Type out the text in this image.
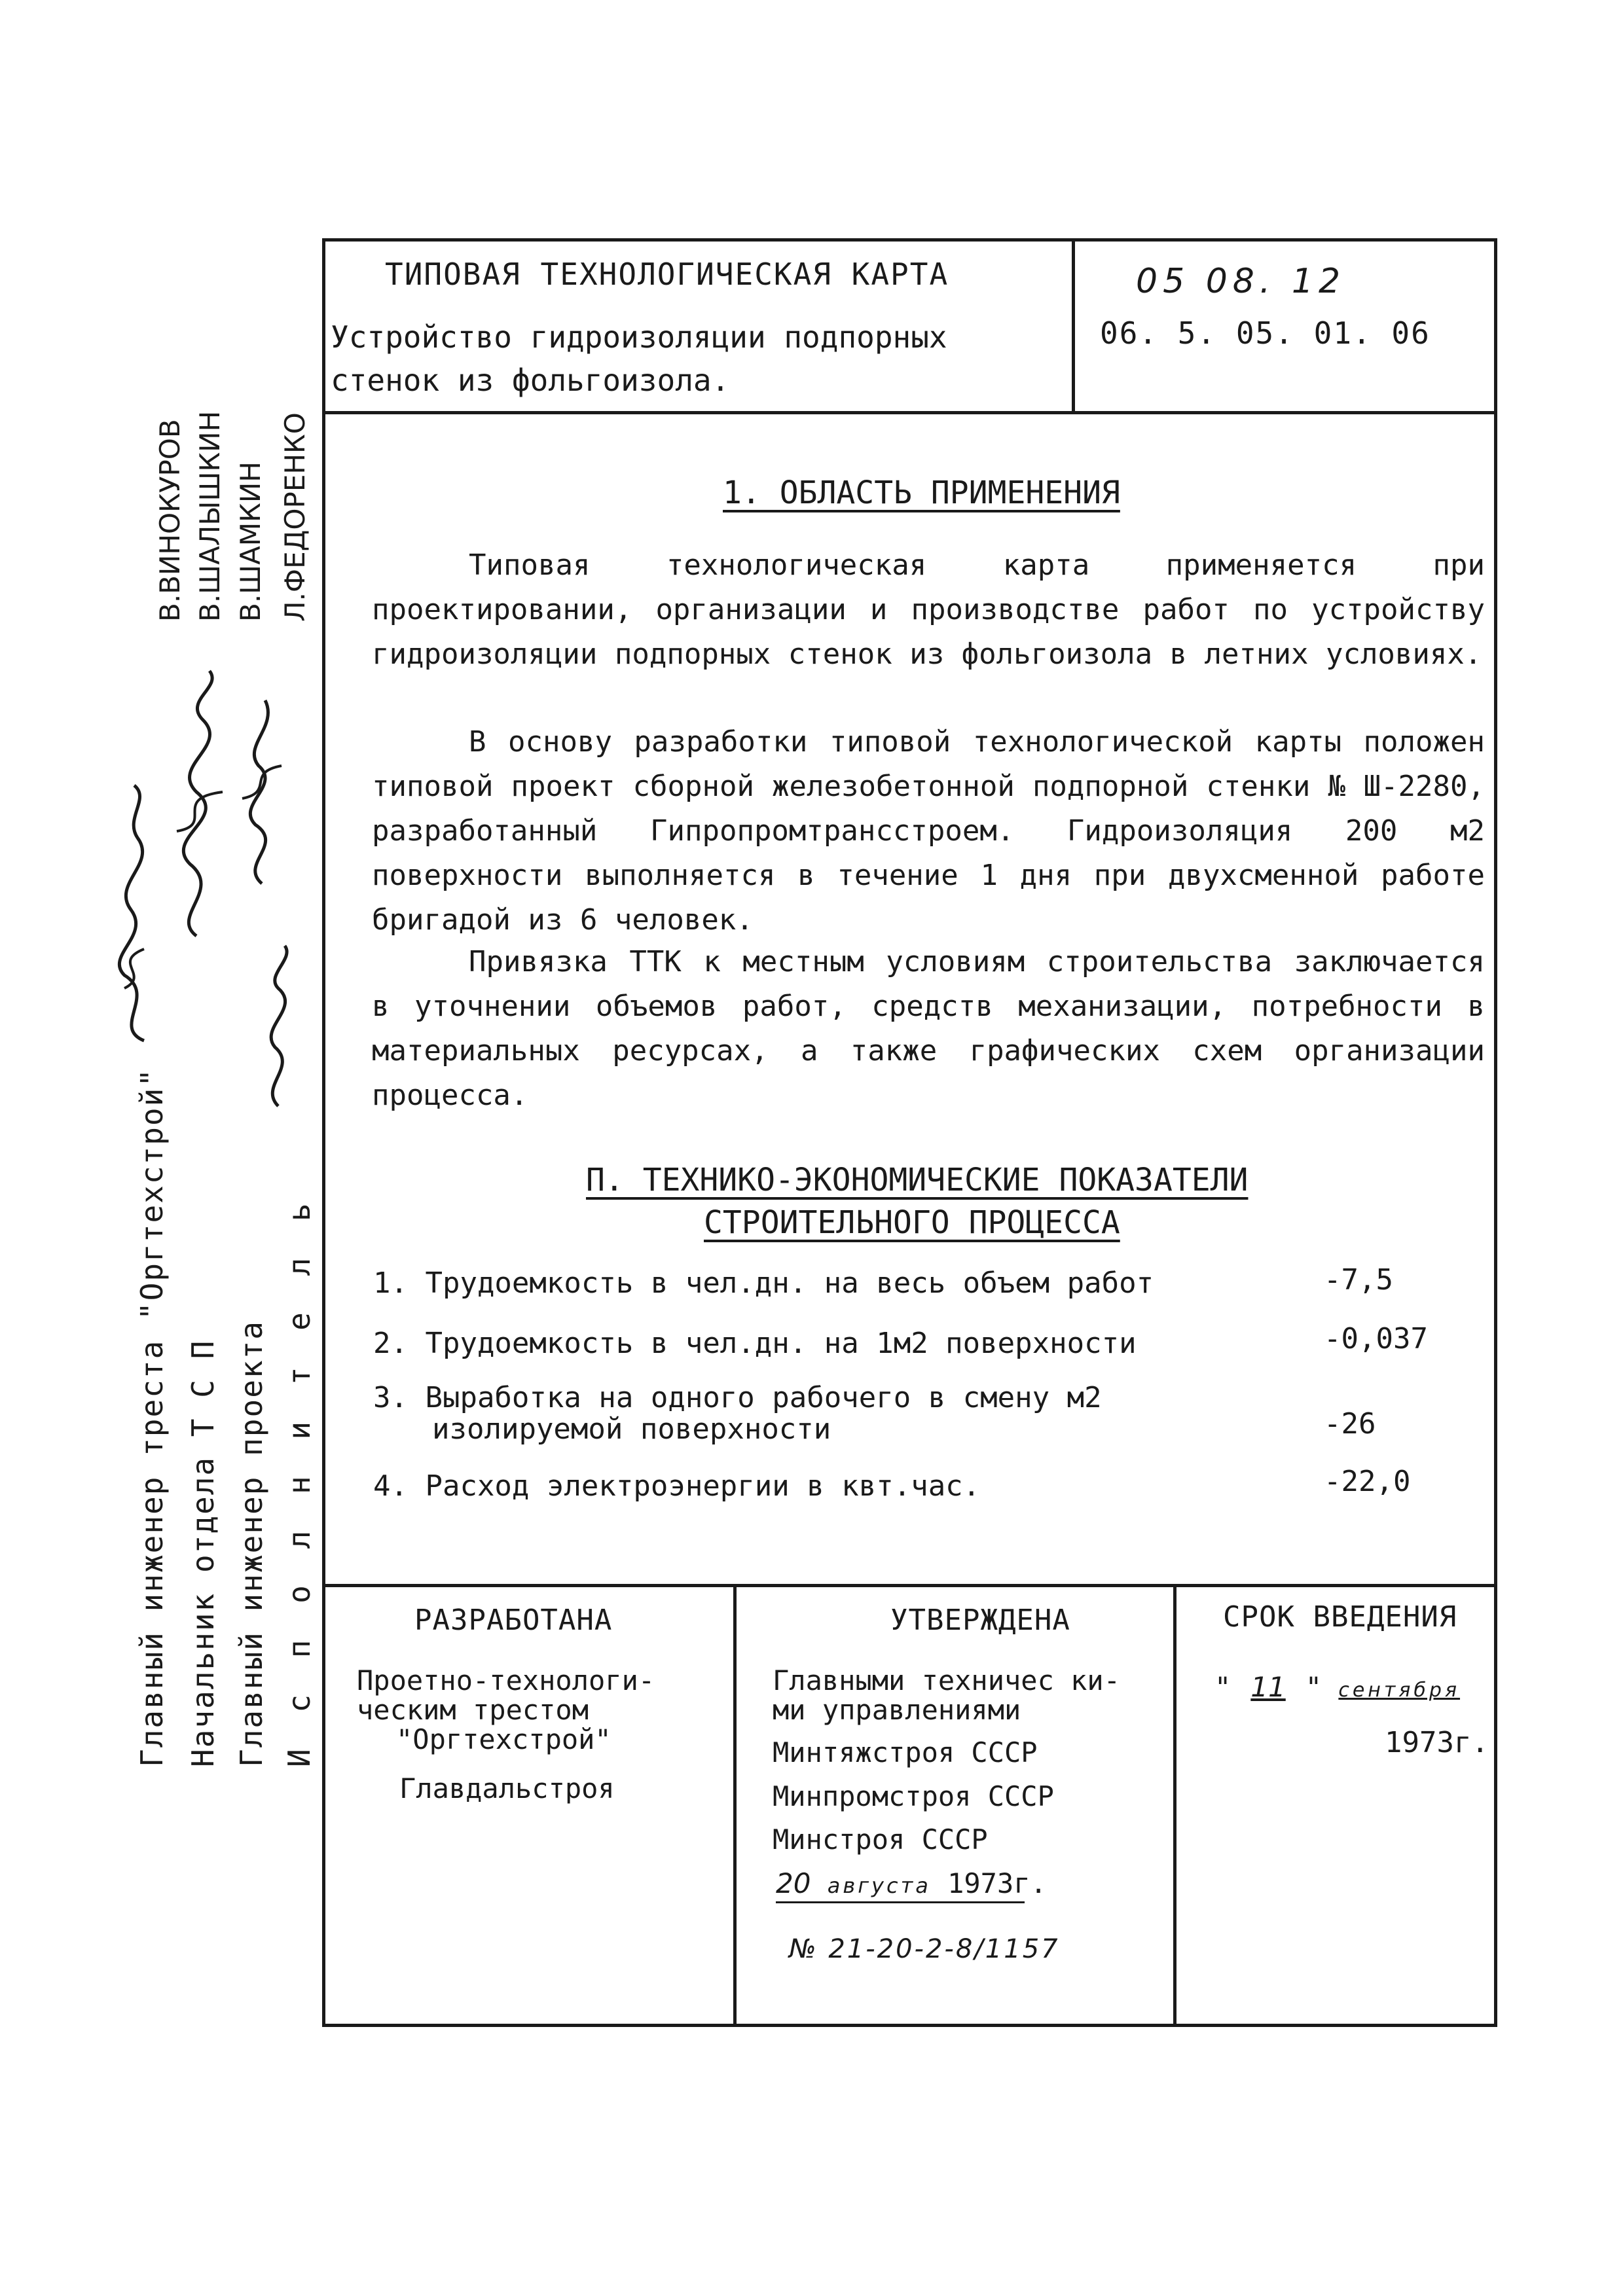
ТИПОВАЯ ТЕХНОЛОГИЧЕСКАЯ КАРТА
Устройство гидроизоляции подпорных стенок из фольгоизола.
05 08. 12
06. 5. 05. 01. 06
1. ОБЛАСТЬ ПРИМЕНЕНИЯ
Типовая технологическая карта применяется при проектировании, организации и производстве работ по устройству гидроизоляции подпорных стенок из фольгоизола в летних условиях.
В основу разработки типовой технологической карты положен типовой проект сборной железобетонной подпорной стенки № Ш-2280, разработанный Гипропромтрансстроем. Гидроизоляция 200 м2 поверхности выполняется в течение 1 дня при двухсменной работе бригадой из 6 человек.
Привязка ТТК к местным условиям строительства заключается в уточнении объемов работ, средств механизации, потребности в материальных ресурсах, а также графических схем организации процесса.
П. ТЕХНИКО-ЭКОНОМИЧЕСКИЕ ПОКАЗАТЕЛИ
СТРОИТЕЛЬНОГО ПРОЦЕССА
1. Трудоемкость в чел.дн. на весь объем работ	-7,5
2. Трудоемкость в чел.дн. на 1м2 поверхности	-0,037
3. Выработка на одного рабочего в смену м2
изолируемой поверхности	-26
4. Расход электроэнергии в квт.час.	-22,0
РАЗРАБОТАНА
Проетно-технологи-
ческим трестом
"Оргтехстрой"
Главдальстроя
УТВЕРЖДЕНА
Главными техничес ки-
ми управлениями
Минтяжстроя СССР
Минпромстроя СССР
Минстроя СССР
20 августа 1973г.
№ 21-20-2-8/1157
СРОК ВВЕДЕНИЯ
" 11 " сентября
1973г.
Главный инженер треста "Оргтехстрой" Начальник отдела Т С П Главный инженер проекта И с п о л н и т е л ь
В.ВИНОКУРОВ В.ШАЛЫШКИН В.ШАМКИН Л.ФЕДОРЕНКО
